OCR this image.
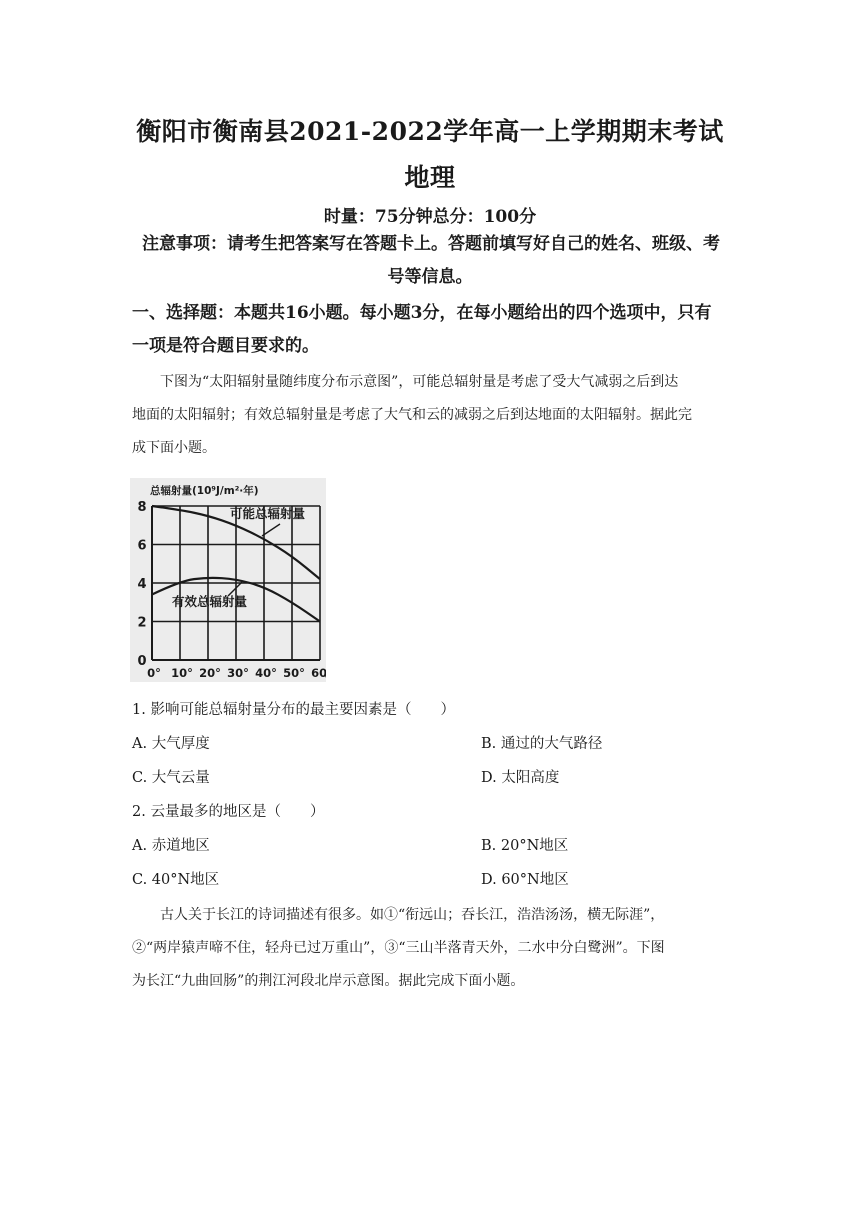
衡阳市衡南县2021-2022学年高一上学期期末考试
地理
时量：75分钟总分：100分
注意事项：请考生把答案写在答题卡上。答题前填写好自己的姓名、班级、考
号等信息。
一、选择题：本题共16小题。每小题3分，在每小题给出的四个选项中，只有
一项是符合题目要求的。
下图为“太阳辐射量随纬度分布示意图”，可能总辐射量是考虑了受大气减弱之后到达
地面的太阳辐射；有效总辐射量是考虑了大气和云的减弱之后到达地面的太阳辐射。据此完
成下面小题。
0
2
4
6
8
0° 10° 20° 30° 40° 50° 60
总辐射量(10⁹J/m²·年)
可能总辐射量
有效总辐射量
1. 影响可能总辐射量分布的最主要因素是（　　）
A. 大气厚度	B. 通过的大气路径
C. 大气云量	D. 太阳高度
2. 云量最多的地区是（　　）
A. 赤道地区	B. 20°N地区
C. 40°N地区	D. 60°N地区
古人关于长江的诗词描述有很多。如①“衔远山；吞长江，浩浩汤汤，横无际涯”，
②“两岸猿声啼不住，轻舟已过万重山”，③“三山半落青天外，二水中分白鹭洲”。下图
为长江“九曲回肠”的荆江河段北岸示意图。据此完成下面小题。
